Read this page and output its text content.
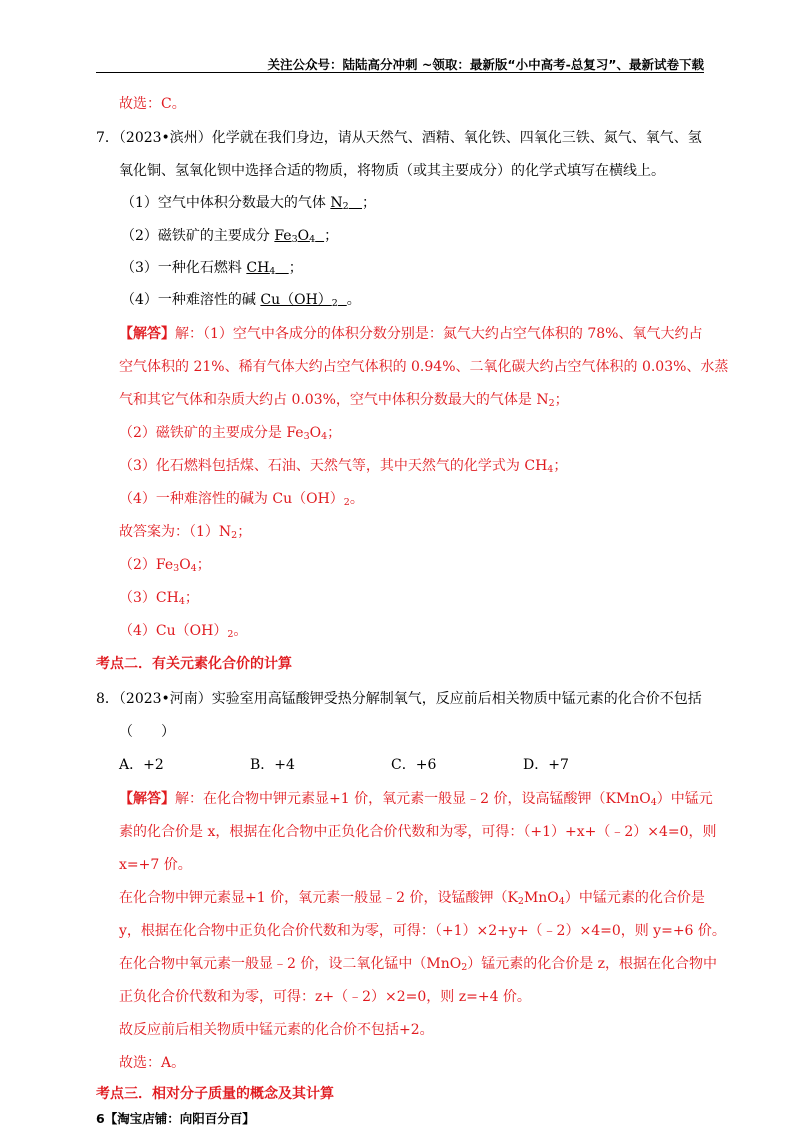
关注公众号：陆陆高分冲刺 ~领取：最新版“小中高考-总复习”、最新试卷下载
故选：C。
7．（2023•滨州）化学就在我们身边，请从天然气、酒精、氧化铁、四氧化三铁、氮气、氧气、氢
氧化铜、氢氧化钡中选择合适的物质，将物质（或其主要成分）的化学式填写在横线上。
（1）空气中体积分数最大的气体 $N_2$ ；
（2）磁铁矿的主要成分 $Fe_3O_4$ ；
（3）一种化石燃料 $CH_4$ ；
（4）一种难溶性的碱 $Cu(OH)_2$ 。
【解答】解：（1）空气中各成分的体积分数分别是：氮气大约占空气体积的 78%、氧气大约占
空气体积的 21%、稀有气体大约占空气体积的 0.94%、二氧化碳大约占空气体积的 0.03%、水蒸
气和其它气体和杂质大约占 0.03%，空气中体积分数最大的气体是 $N_2$；
（2）磁铁矿的主要成分是 $Fe_3O_4$；
（3）化石燃料包括煤、石油、天然气等，其中天然气的化学式为 $CH_4$；
（4）一种难溶性的碱为 $Cu(OH)_2$。
故答案为：$(1)N_2$；
$(2)Fe_3O_4$；
$(3)CH_4$；
$(4)Cu(OH)_2$。
考点二．有关元素化合价的计算
8．（2023•河南）实验室用高锰酸钾受热分解制氧气，反应前后相关物质中锰元素的化合价不包括
（　　）
A．+2	B．+4	C．+6	D．+7
【解答】解：在化合物中钾元素显+1 价，氧元素一般显﹣2 价，设高锰酸钾（KMnO$_4$）中锰元
素的化合价是 x，根据在化合物中正负化合价代数和为零，可得：（+1）+x+（﹣2）×4=0，则
x=+7 价。
在化合物中钾元素显+1 价，氧元素一般显﹣2 价，设锰酸钾$(K_2MnO_4)$中锰元素的化合价是
y，根据在化合物中正负化合价代数和为零，可得：（+1）×2+y+（﹣2）×4=0，则 y=+6 价。
在化合物中氧元素一般显﹣2 价，设二氧化锰中（MnO$_2$）锰元素的化合价是 z，根据在化合物中
正负化合价代数和为零，可得：z+（﹣2）×2=0，则 z=+4 价。
故反应前后相关物质中锰元素的化合价不包括+2。
故选：A。
考点三．相对分子质量的概念及其计算
6【淘宝店铺：向阳百分百】
